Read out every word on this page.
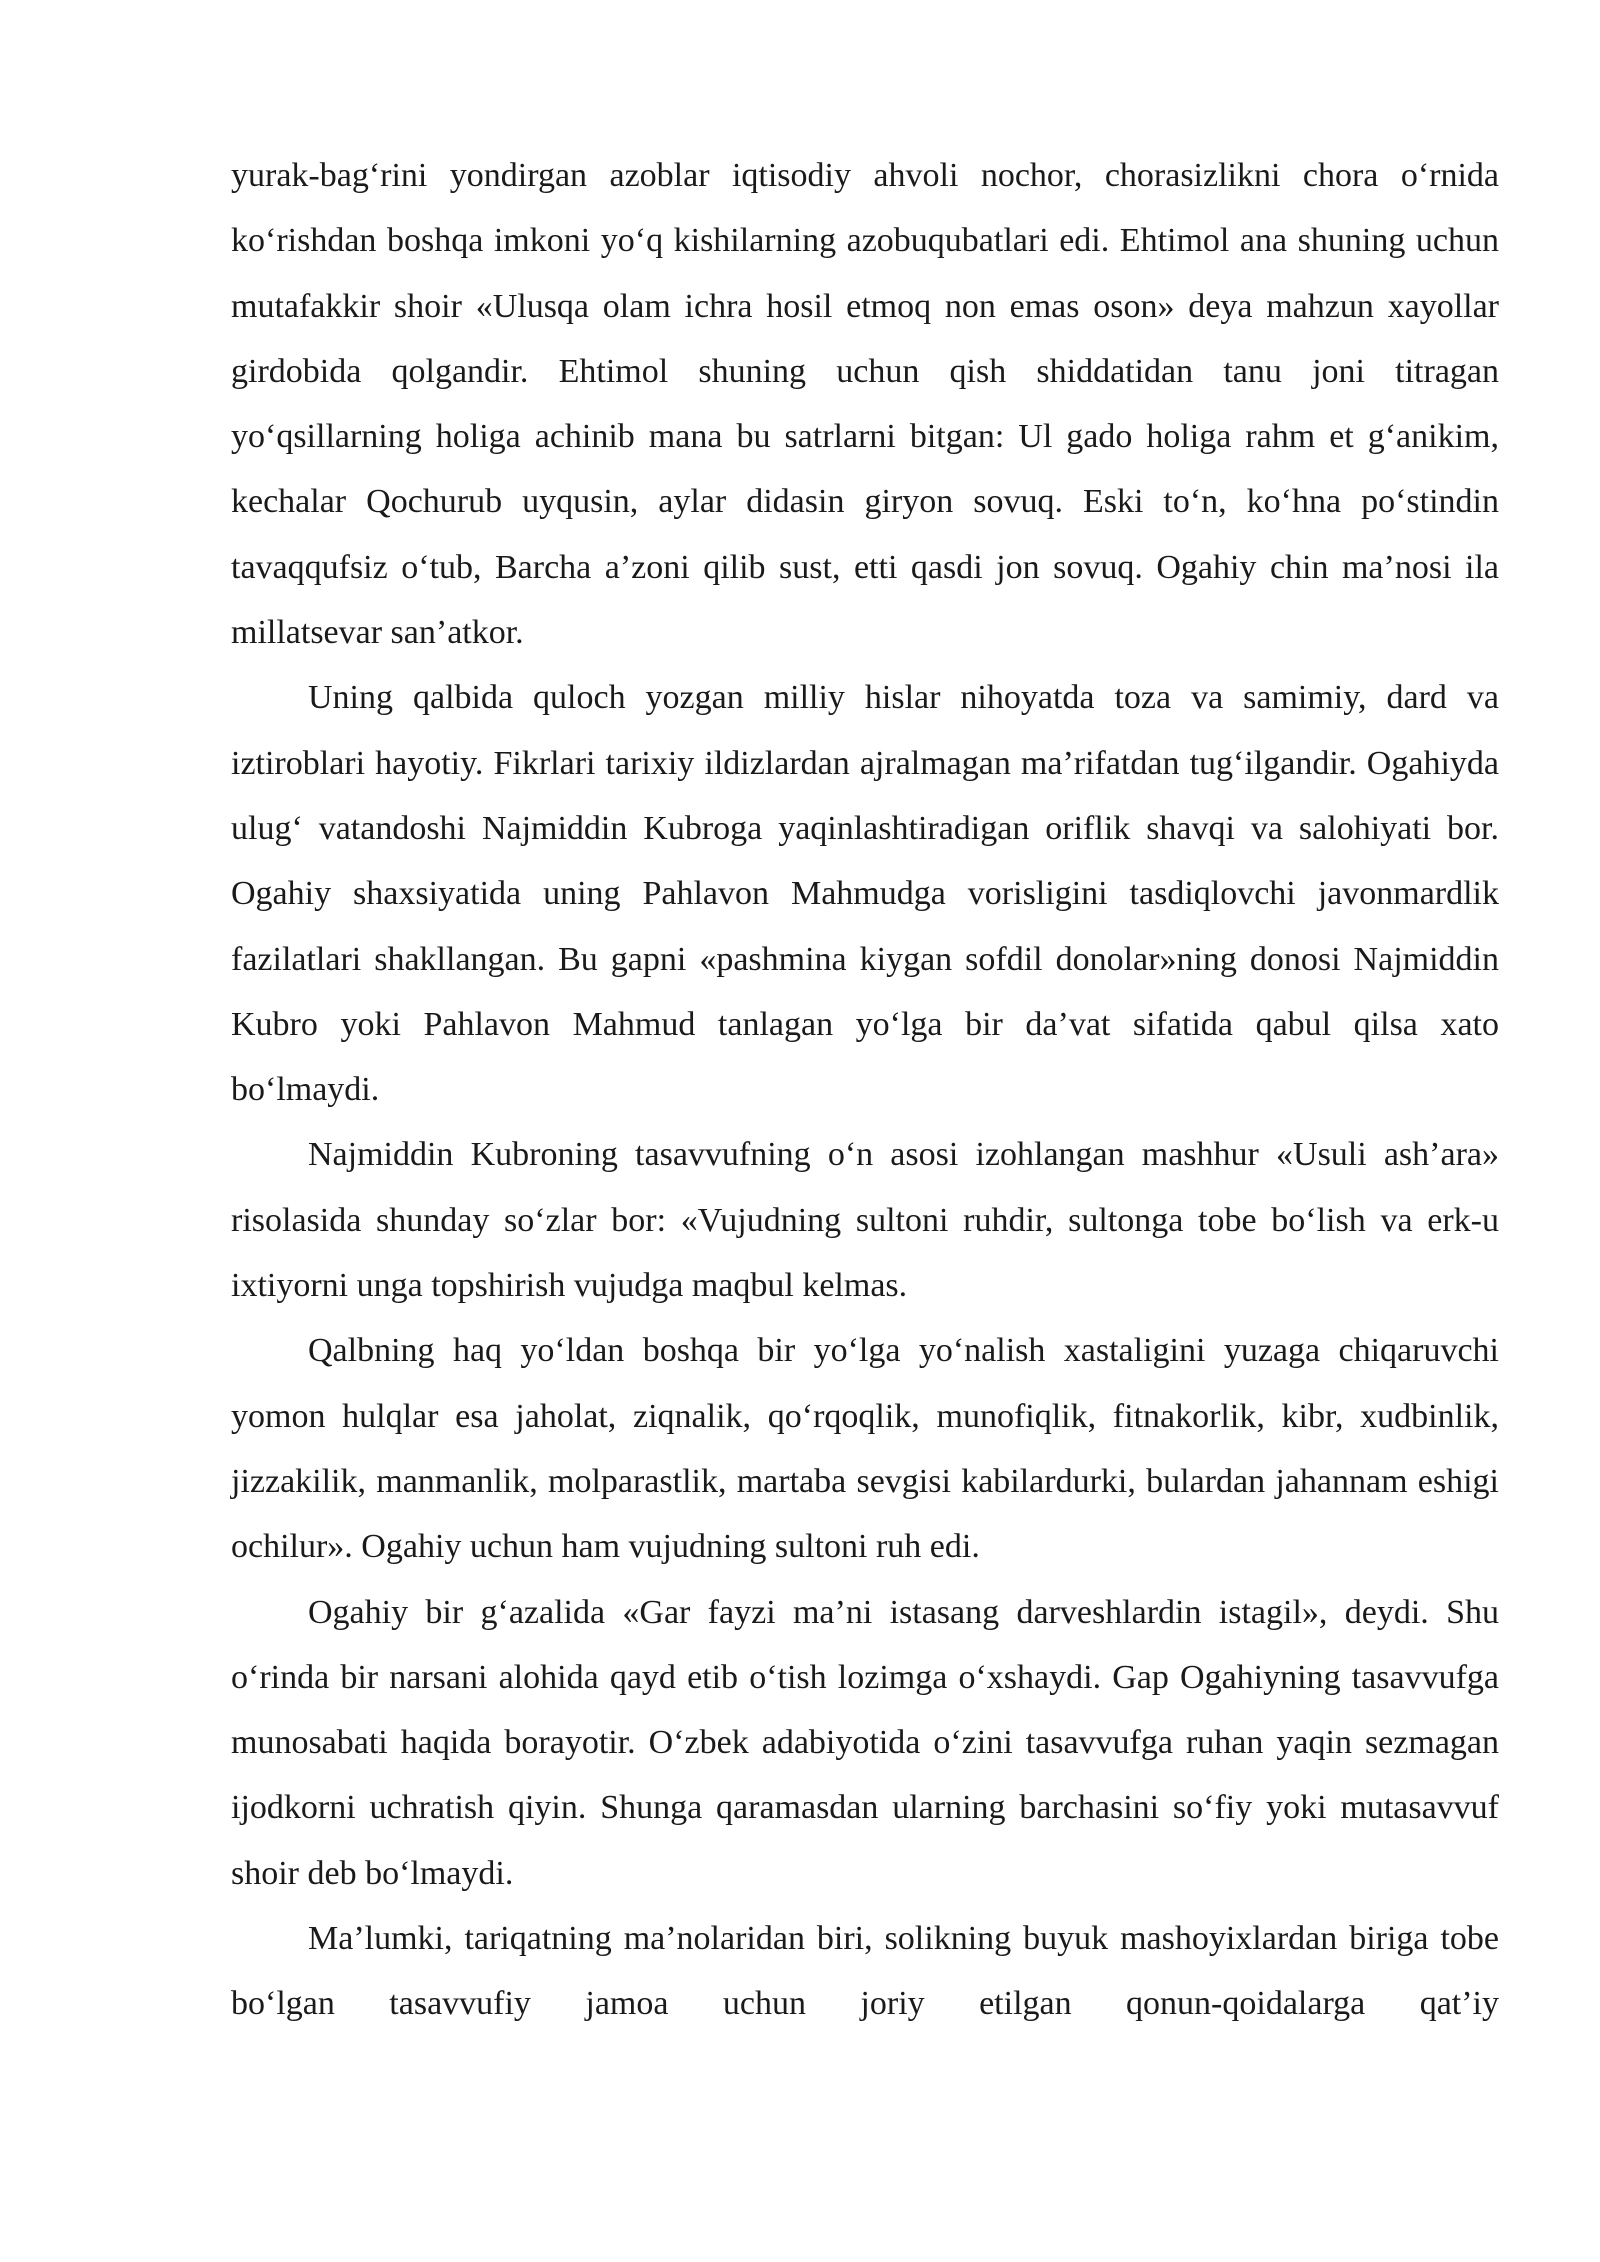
yurak-bag‘rini yondirgan azoblar iqtisodiy ahvoli nochor, chorasizlikni chora o‘rnida ko‘rishdan boshqa imkoni yo‘q kishilarning azobuqubatlari edi. Ehtimol ana shuning uchun mutafakkir shoir «Ulusqa olam ichra hosil etmoq non emas oson» deya mahzun xayollar girdobida qolgandir. Ehtimol shuning uchun qish shiddatidan tanu joni titragan yo‘qsillarning holiga achinib mana bu satrlarni bitgan: Ul gado holiga rahm et g‘anikim, kechalar Qochurub uyqusin, aylar didasin giryon sovuq. Eski to‘n, ko‘hna po‘stindin tavaqqufsiz o‘tub, Barcha a’zoni qilib sust, etti qasdi jon sovuq. Ogahiy chin ma’nosi ila millatsevar san’atkor.

Uning qalbida quloch yozgan milliy hislar nihoyatda toza va samimiy, dard va iztiroblari hayotiy. Fikrlari tarixiy ildizlardan ajralmagan ma’rifatdan tug‘ilgandir. Ogahiyda ulug‘ vatandoshi Najmiddin Kubroga yaqinlashtiradigan oriflik shavqi va salohiyati bor. Ogahiy shaxsiyatida uning Pahlavon Mahmudga vorisligini tasdiqlovchi javonmardlik fazilatlari shakllangan. Bu gapni «pashmina kiygan sofdil donolar»ning donosi Najmiddin Kubro yoki Pahlavon Mahmud tanlagan yo‘lga bir da’vat sifatida qabul qilsa xato bo‘lmaydi.

Najmiddin Kubroning tasavvufning o‘n asosi izohlangan mashhur «Usuli ash’ara» risolasida shunday so‘zlar bor: «Vujudning sultoni ruhdir, sultonga tobe bo‘lish va erk-u ixtiyorni unga topshirish vujudga maqbul kelmas.

Qalbning haq yo‘ldan boshqa bir yo‘lga yo‘nalish xastaligini yuzaga chiqaruvchi yomon hulqlar esa jaholat, ziqnalik, qo‘rqoqlik, munofiqlik, fitnakorlik, kibr, xudbinlik, jizzakilik, manmanlik, molparastlik, martaba sevgisi kabilardurki, bulardan jahannam eshigi ochilur». Ogahiy uchun ham vujudning sultoni ruh edi.

Ogahiy bir g‘azalida «Gar fayzi ma’ni istasang darveshlardin istagil», deydi. Shu o‘rinda bir narsani alohida qayd etib o‘tish lozimga o‘xshaydi. Gap Ogahiyning tasavvufga munosabati haqida borayotir. O‘zbek adabiyotida o‘zini tasavvufga ruhan yaqin sezmagan ijodkorni uchratish qiyin. Shunga qaramasdan ularning barchasini so‘fiy yoki mutasavvuf shoir deb bo‘lmaydi.

Ma’lumki, tariqatning ma’nolaridan biri, solikning buyuk mashoyixlardan biriga tobe bo‘lgan tasavvufiy jamoa uchun joriy etilgan qonun-qoidalarga qat’iy
